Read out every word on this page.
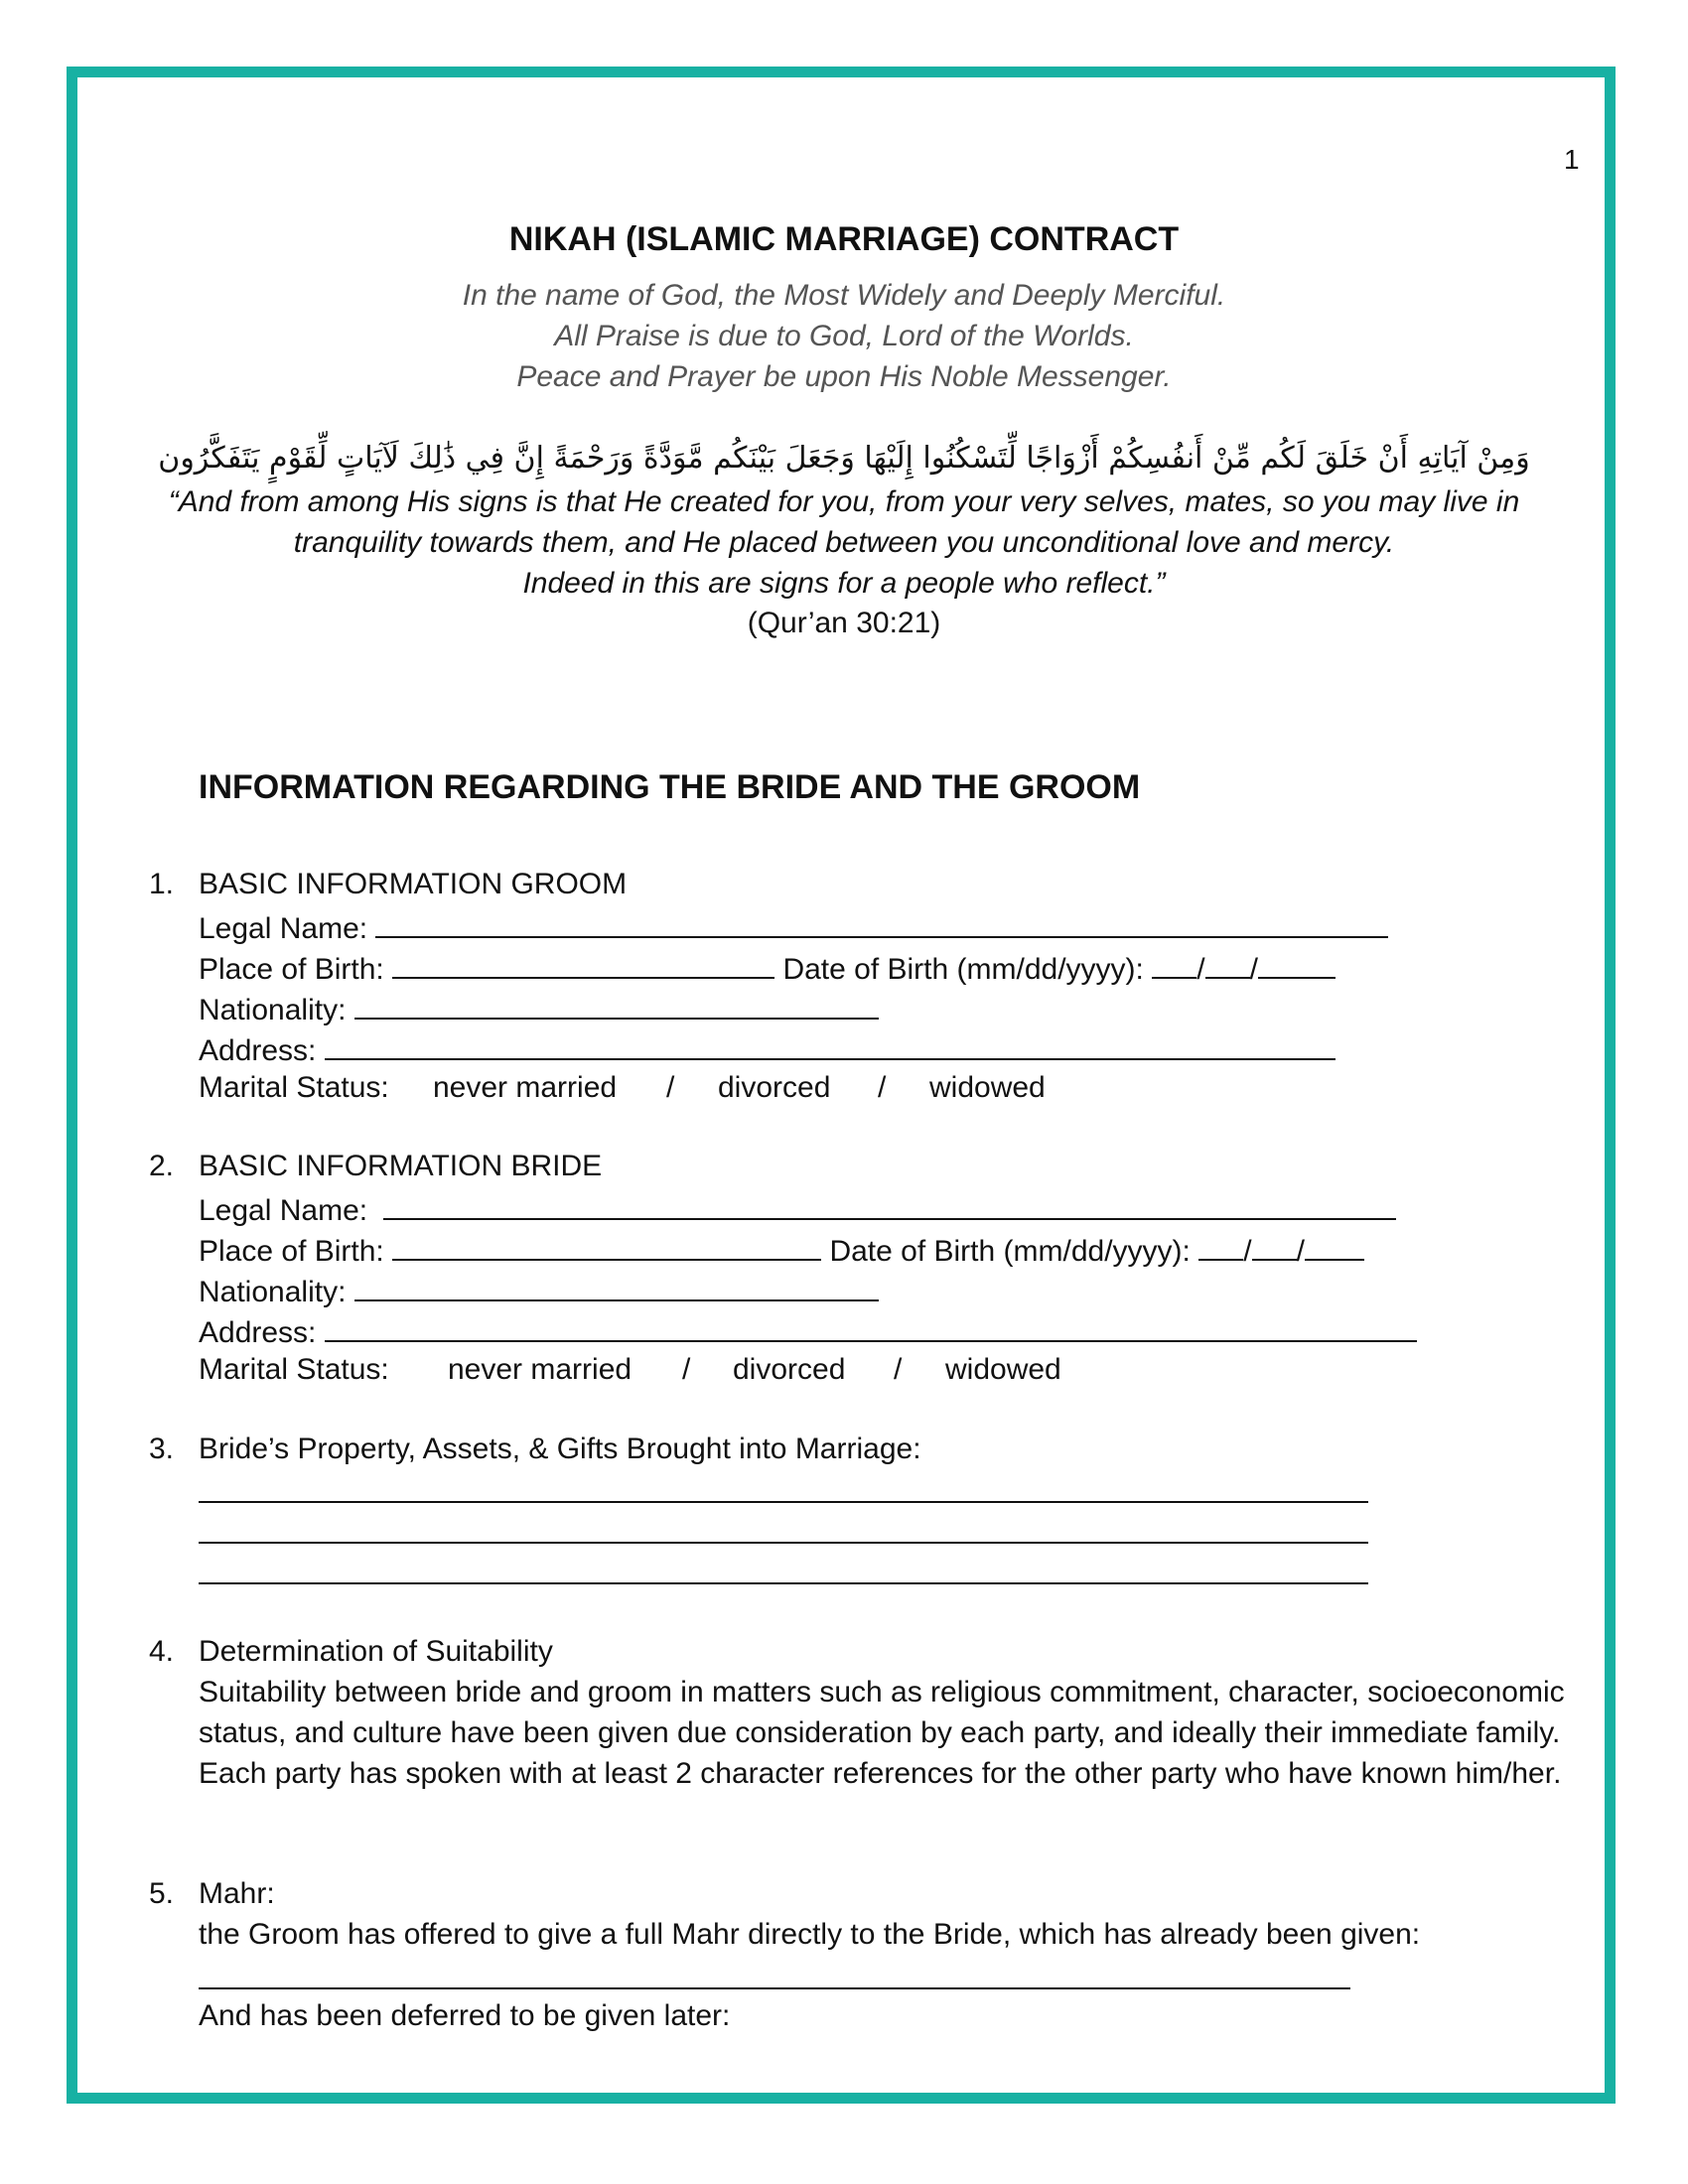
1
NIKAH (ISLAMIC MARRIAGE) CONTRACT
In the name of God, the Most Widely and Deeply Merciful.
All Praise is due to God, Lord of the Worlds.
Peace and Prayer be upon His Noble Messenger.
وَمِنْ آيَاتِهِ أَنْ خَلَقَ لَكُم مِّنْ أَنفُسِكُمْ أَزْوَاجًا لِّتَسْكُنُوا إِلَيْهَا وَجَعَلَ بَيْنَكُم مَّوَدَّةً وَرَحْمَةً إِنَّ فِي ذَٰلِكَ لَآيَاتٍ لِّقَوْمٍ يَتَفَكَّرُون
“And from among His signs is that He created for you, from your very selves, mates, so you may live in
tranquility towards them, and He placed between you unconditional love and mercy.
Indeed in this are signs for a people who reflect.”
(Qur’an 30:21)
INFORMATION REGARDING THE BRIDE AND THE GROOM
1. BASIC INFORMATION GROOM
Legal Name:
Place of Birth:	Date of Birth (mm/dd/yyyy): / /
Nationality:
Address:
Marital Status: never married / divorced / widowed
2. BASIC INFORMATION BRIDE
Legal Name:
Place of Birth:	Date of Birth (mm/dd/yyyy): / /
Nationality:
Address:
Marital Status: never married / divorced / widowed
3. Bride’s Property, Assets, & Gifts Brought into Marriage:
4. Determination of Suitability
Suitability between bride and groom in matters such as religious commitment, character, socioeconomic status, and culture have been given due consideration by each party, and ideally their immediate family. Each party has spoken with at least 2 character references for the other party who have known him/her.
5. Mahr:
the Groom has offered to give a full Mahr directly to the Bride, which has already been given:
And has been deferred to be given later:
